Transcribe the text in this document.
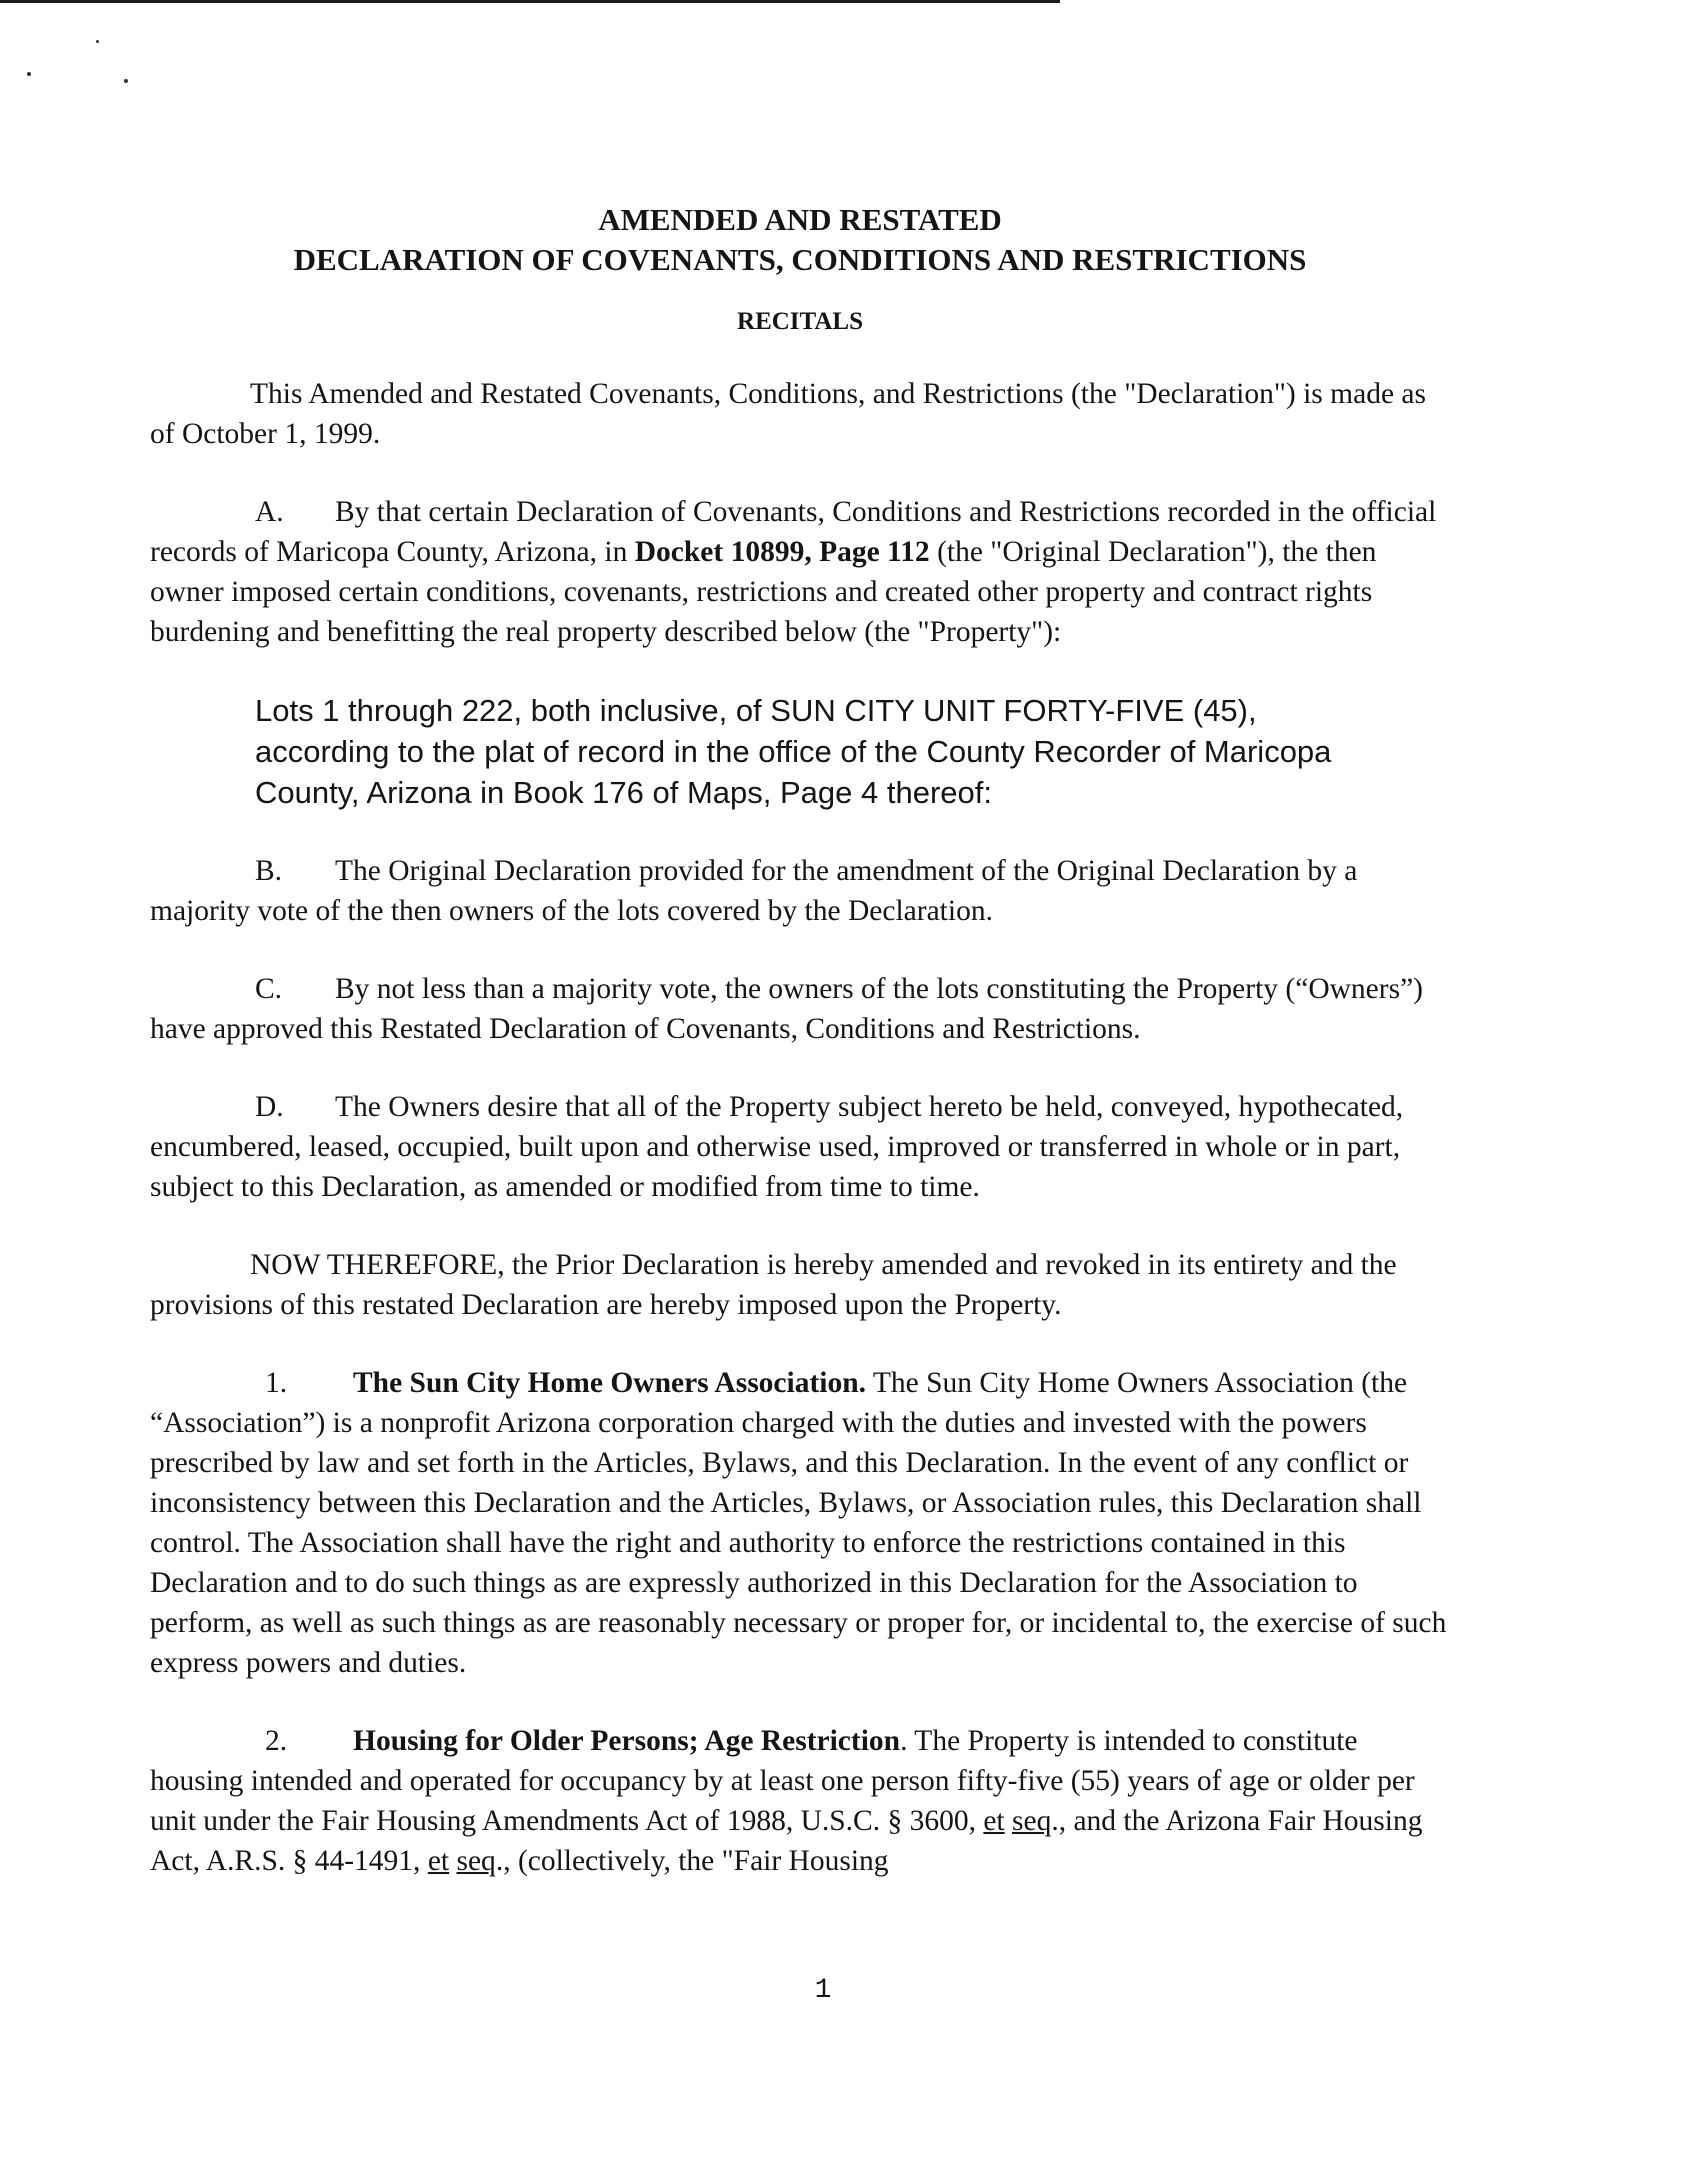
AMENDED AND RESTATED
DECLARATION OF COVENANTS, CONDITIONS AND RESTRICTIONS
RECITALS

This Amended and Restated Covenants, Conditions, and Restrictions (the "Declaration") is made as of October 1, 1999.

A. By that certain Declaration of Covenants, Conditions and Restrictions recorded in the official records of Maricopa County, Arizona, in Docket 10899, Page 112 (the "Original Declaration"), the then owner imposed certain conditions, covenants, restrictions and created other property and contract rights burdening and benefitting the real property described below (the "Property"):

Lots 1 through 222, both inclusive, of SUN CITY UNIT FORTY-FIVE (45), according to the plat of record in the office of the County Recorder of Maricopa County, Arizona in Book 176 of Maps, Page 4 thereof:

B. The Original Declaration provided for the amendment of the Original Declaration by a majority vote of the then owners of the lots covered by the Declaration.

C. By not less than a majority vote, the owners of the lots constituting the Property (“Owners”) have approved this Restated Declaration of Covenants, Conditions and Restrictions.

D. The Owners desire that all of the Property subject hereto be held, conveyed, hypothecated, encumbered, leased, occupied, built upon and otherwise used, improved or transferred in whole or in part, subject to this Declaration, as amended or modified from time to time.

NOW THEREFORE, the Prior Declaration is hereby amended and revoked in its entirety and the provisions of this restated Declaration are hereby imposed upon the Property.

1. The Sun City Home Owners Association. The Sun City Home Owners Association (the “Association”) is a nonprofit Arizona corporation charged with the duties and invested with the powers prescribed by law and set forth in the Articles, Bylaws, and this Declaration. In the event of any conflict or inconsistency between this Declaration and the Articles, Bylaws, or Association rules, this Declaration shall control. The Association shall have the right and authority to enforce the restrictions contained in this Declaration and to do such things as are expressly authorized in this Declaration for the Association to perform, as well as such things as are reasonably necessary or proper for, or incidental to, the exercise of such express powers and duties.

2. Housing for Older Persons; Age Restriction. The Property is intended to constitute housing intended and operated for occupancy by at least one person fifty-five (55) years of age or older per unit under the Fair Housing Amendments Act of 1988, U.S.C. § 3600, et seq., and the Arizona Fair Housing Act, A.R.S. § 44-1491, et seq., (collectively, the "Fair Housing

1
